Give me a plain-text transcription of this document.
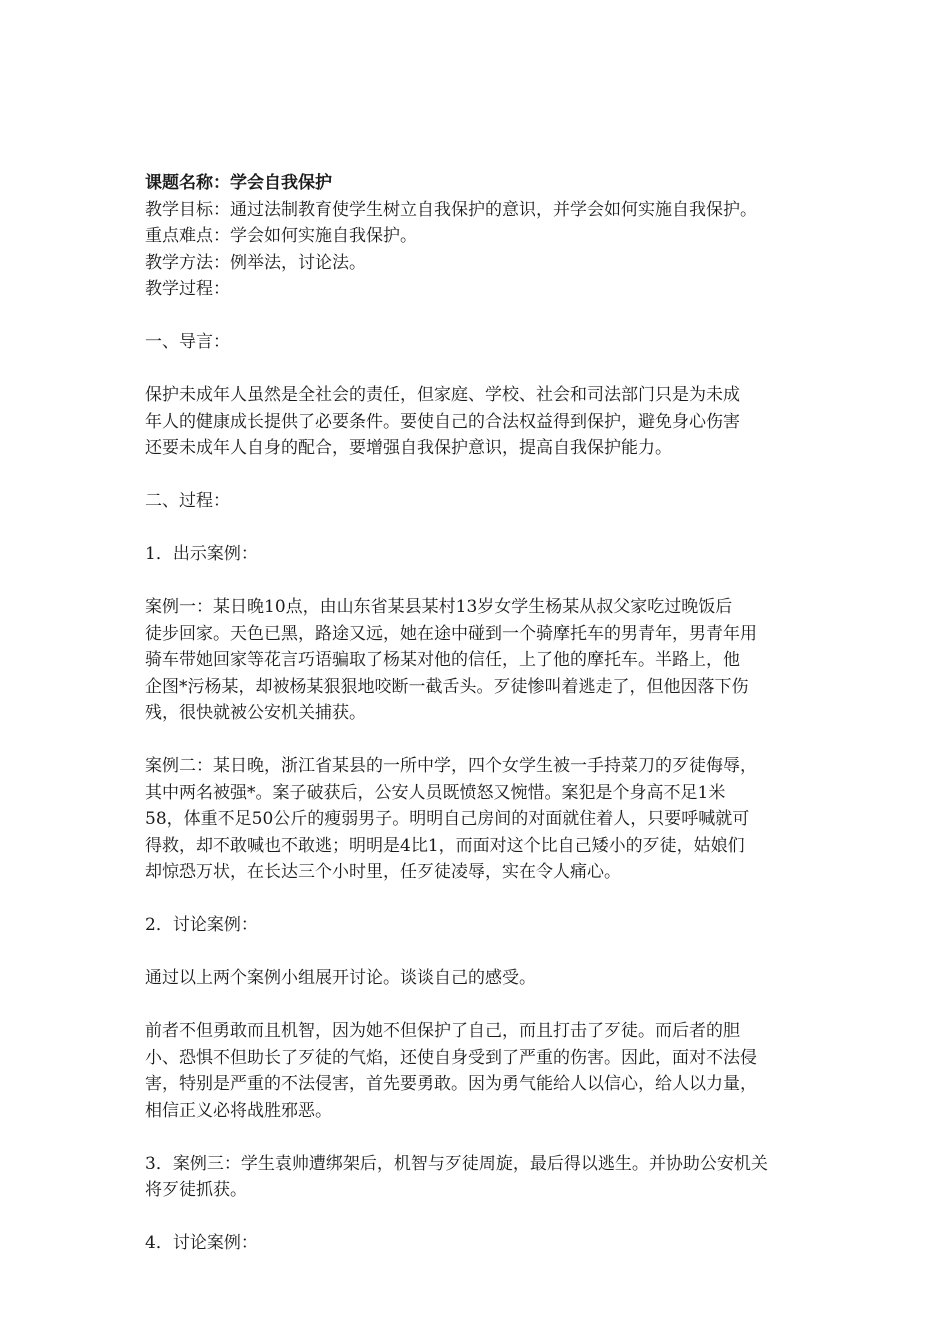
课题名称：学会自我保护
教学目标：通过法制教育使学生树立自我保护的意识，并学会如何实施自我保护。
重点难点：学会如何实施自我保护。
教学方法：例举法，讨论法。
教学过程：
一、导言：
保护未成年人虽然是全社会的责任，但家庭、学校、社会和司法部门只是为未成
年人的健康成长提供了必要条件。要使自己的合法权益得到保护，避免身心伤害
还要未成年人自身的配合，要增强自我保护意识，提高自我保护能力。
二、过程：
1．出示案例：
案例一：某日晚10点，由山东省某县某村13岁女学生杨某从叔父家吃过晚饭后
徒步回家。天色已黑，路途又远，她在途中碰到一个骑摩托车的男青年，男青年用
骑车带她回家等花言巧语骗取了杨某对他的信任，上了他的摩托车。半路上，他
企图*污杨某，却被杨某狠狠地咬断一截舌头。歹徒惨叫着逃走了，但他因落下伤
残，很快就被公安机关捕获。
案例二：某日晚，浙江省某县的一所中学，四个女学生被一手持菜刀的歹徒侮辱，
其中两名被强*。案子破获后，公安人员既愤怒又惋惜。案犯是个身高不足1米
58，体重不足50公斤的瘦弱男子。明明自己房间的对面就住着人，只要呼喊就可
得救，却不敢喊也不敢逃；明明是4比1，而面对这个比自己矮小的歹徒，姑娘们
却惊恐万状，在长达三个小时里，任歹徒凌辱，实在令人痛心。
2．讨论案例：
通过以上两个案例小组展开讨论。谈谈自己的感受。
前者不但勇敢而且机智，因为她不但保护了自己，而且打击了歹徒。而后者的胆
小、恐惧不但助长了歹徒的气焰，还使自身受到了严重的伤害。因此，面对不法侵
害，特别是严重的不法侵害，首先要勇敢。因为勇气能给人以信心，给人以力量，
相信正义必将战胜邪恶。
3．案例三：学生袁帅遭绑架后，机智与歹徒周旋，最后得以逃生。并协助公安机关
将歹徒抓获。
4．讨论案例：
